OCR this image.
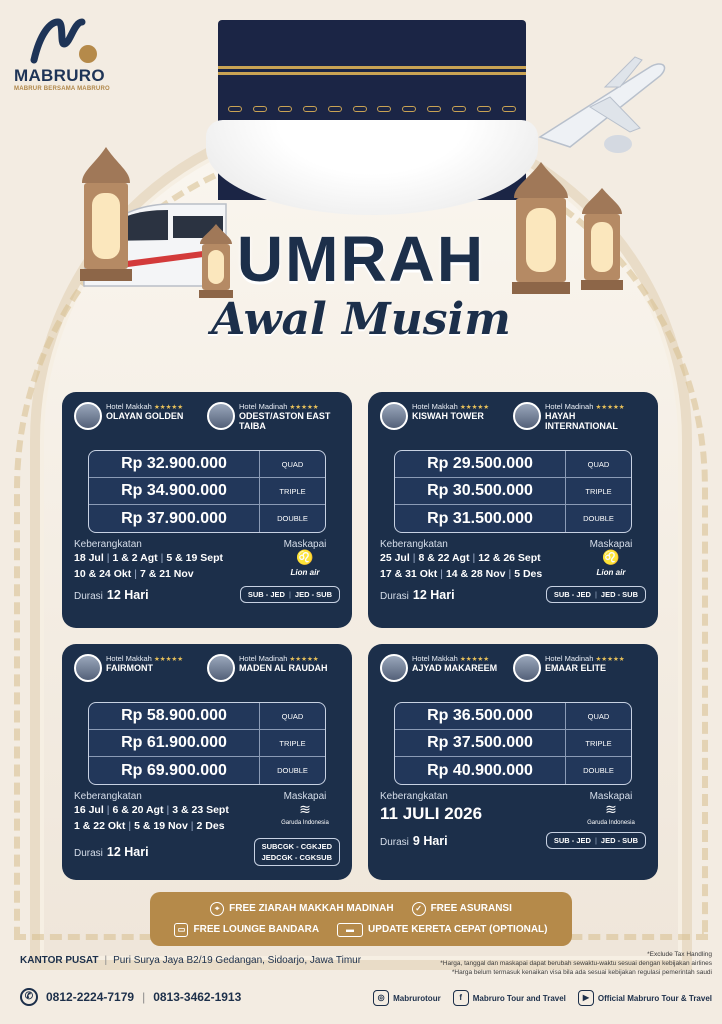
MABRURO
MABRUR BERSAMA MABRURO
UMRAH
Awal Musim
Hotel Makkah ★★★★★
OLAYAN GOLDEN
Hotel Madinah ★★★★★
ODEST/ASTON EAST TAIBA
Rp 32.900.000	QUAD
Rp 34.900.000	TRIPLE
Rp 37.900.000	DOUBLE
Keberangkatan
18 Jul | 1 & 2 Agt | 5 & 19 Sept
10 & 24 Okt | 7 & 21 Nov
Maskapai
♌
Lion air
Durasi 12 Hari	SUB - JED | JED - SUB
Hotel Makkah ★★★★★
KISWAH TOWER
Hotel Madinah ★★★★★
HAYAH INTERNATIONAL
Rp 29.500.000	QUAD
Rp 30.500.000	TRIPLE
Rp 31.500.000	DOUBLE
Keberangkatan
25 Jul | 8 & 22 Agt | 12 & 26 Sept
17 & 31 Okt | 14 & 28 Nov | 5 Des
Maskapai
♌
Lion air
Durasi 12 Hari	SUB - JED | JED - SUB
Hotel Makkah ★★★★★
FAIRMONT
Hotel Madinah ★★★★★
MADEN AL RAUDAH
Rp 58.900.000	QUAD
Rp 61.900.000	TRIPLE
Rp 69.900.000	DOUBLE
Keberangkatan
16 Jul | 6 & 20 Agt | 3 & 23 Sept
1 & 22 Okt | 5 & 19 Nov | 2 Des
Maskapai
≋
Garuda Indonesia
Durasi 12 Hari	SUBCGK - CGKJED
JEDCGK - CGKSUB
Hotel Makkah ★★★★★
AJYAD MAKAREEM
Hotel Madinah ★★★★★
EMAAR ELITE
Rp 36.500.000	QUAD
Rp 37.500.000	TRIPLE
Rp 40.900.000	DOUBLE
Keberangkatan
11 JULI 2026
Maskapai
≋
Garuda Indonesia
Durasi 9 Hari	SUB - JED | JED - SUB
⌖ FREE ZIARAH MAKKAH MADINAH	✓ FREE ASURANSI
▭ FREE LOUNGE BANDARA	▬	UPDATE KERETA CEPAT (OPTIONAL)
KANTOR PUSAT | Puri Surya Jaya B2/19 Gedangan, Sidoarjo, Jawa Timur
*Exclude Tax Handling
*Harga, tanggal dan maskapai dapat berubah sewaktu-waktu sesuai dengan kebijakan airlines
*Harga belum termasuk kenaikan visa bila ada sesuai kebijakan regulasi pemerintah saudi
✆	0812-2224-7179 | 0813-3462-1913	◎	Mabrurotour	f	Mabruro Tour and Travel	▶	Official Mabruro Tour & Travel
